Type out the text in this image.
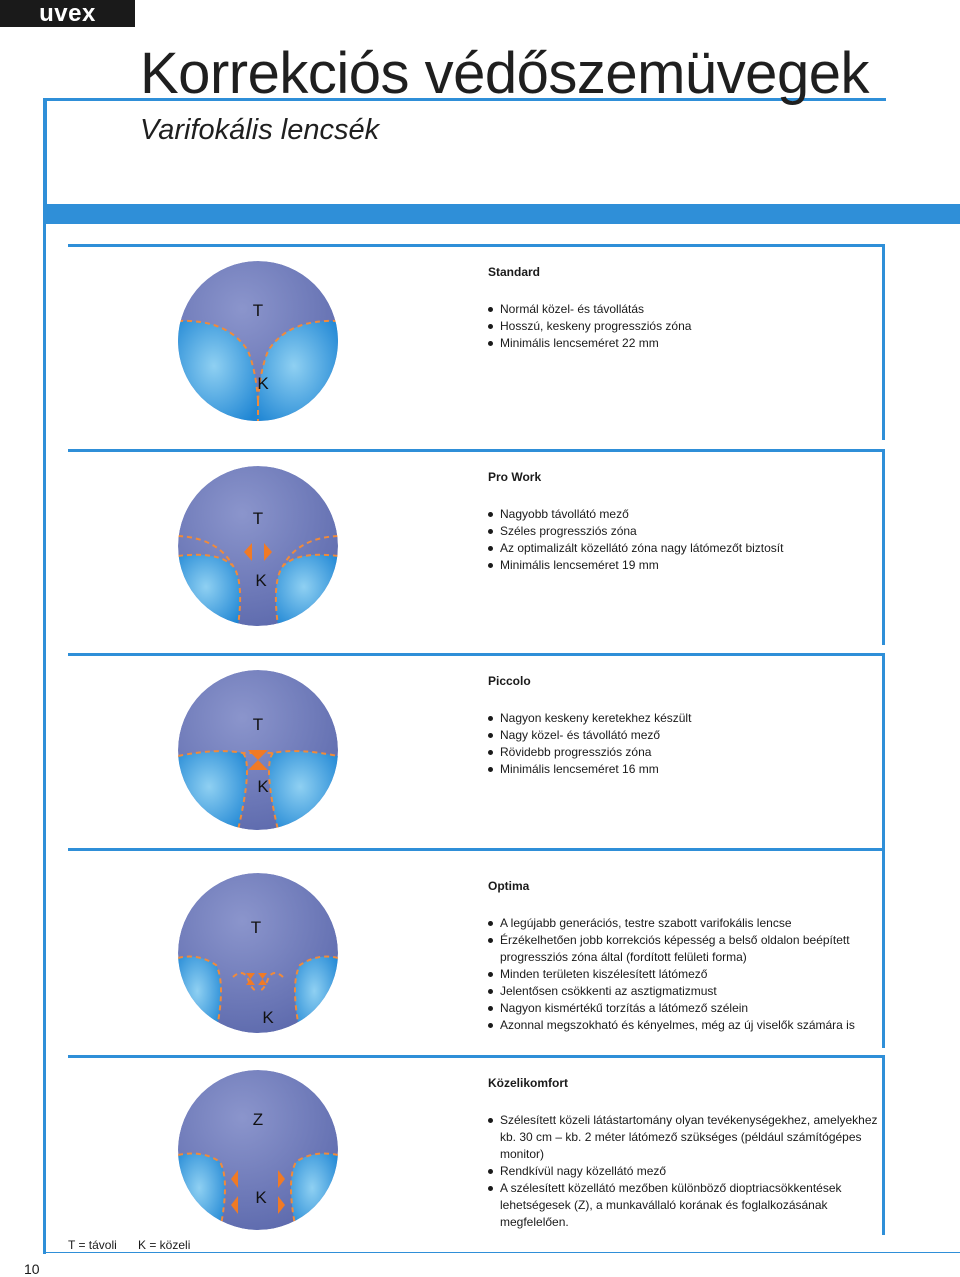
uvex
Korrekciós védőszemüvegek
Varifokális lencsék
T
K
Standard
Normál közel- és távollátás
Hosszú, keskeny progressziós zóna
Minimális lencseméret 22 mm
T
K
Pro Work
Nagyobb távollátó mező
Széles progressziós zóna
Az optimalizált közellátó zóna nagy látómezőt biztosít
Minimális lencseméret 19 mm
T
K
Piccolo
Nagyon keskeny keretekhez készült
Nagy közel- és távollátó mező
Rövidebb progressziós zóna
Minimális lencseméret 16 mm
T
K
Optima
A legújabb generációs, testre szabott varifokális lencse
Érzékelhetően jobb korrekciós képesség a belső oldalon beépített progressziós zóna által (fordított felületi forma)
Minden területen kiszélesített látómező
Jelentősen csökkenti az asztigmatizmust
Nagyon kismértékű torzítás a látómező szélein
Azonnal megszokható és kényelmes, még az új viselők számára is
Z
K
Közelikomfort
Szélesített közeli látástartomány olyan tevékenységekhez, amelyekhez kb. 30 cm – kb. 2 méter látómező szükséges (például számítógépes monitor)
Rendkívül nagy közellátó mező
A szélesített közellátó mezőben különböző dioptriacsökkentések lehetségesek (Z), a munkavállaló korának és foglalkozásának megfelelően.
T = távoli K = közeli
10
